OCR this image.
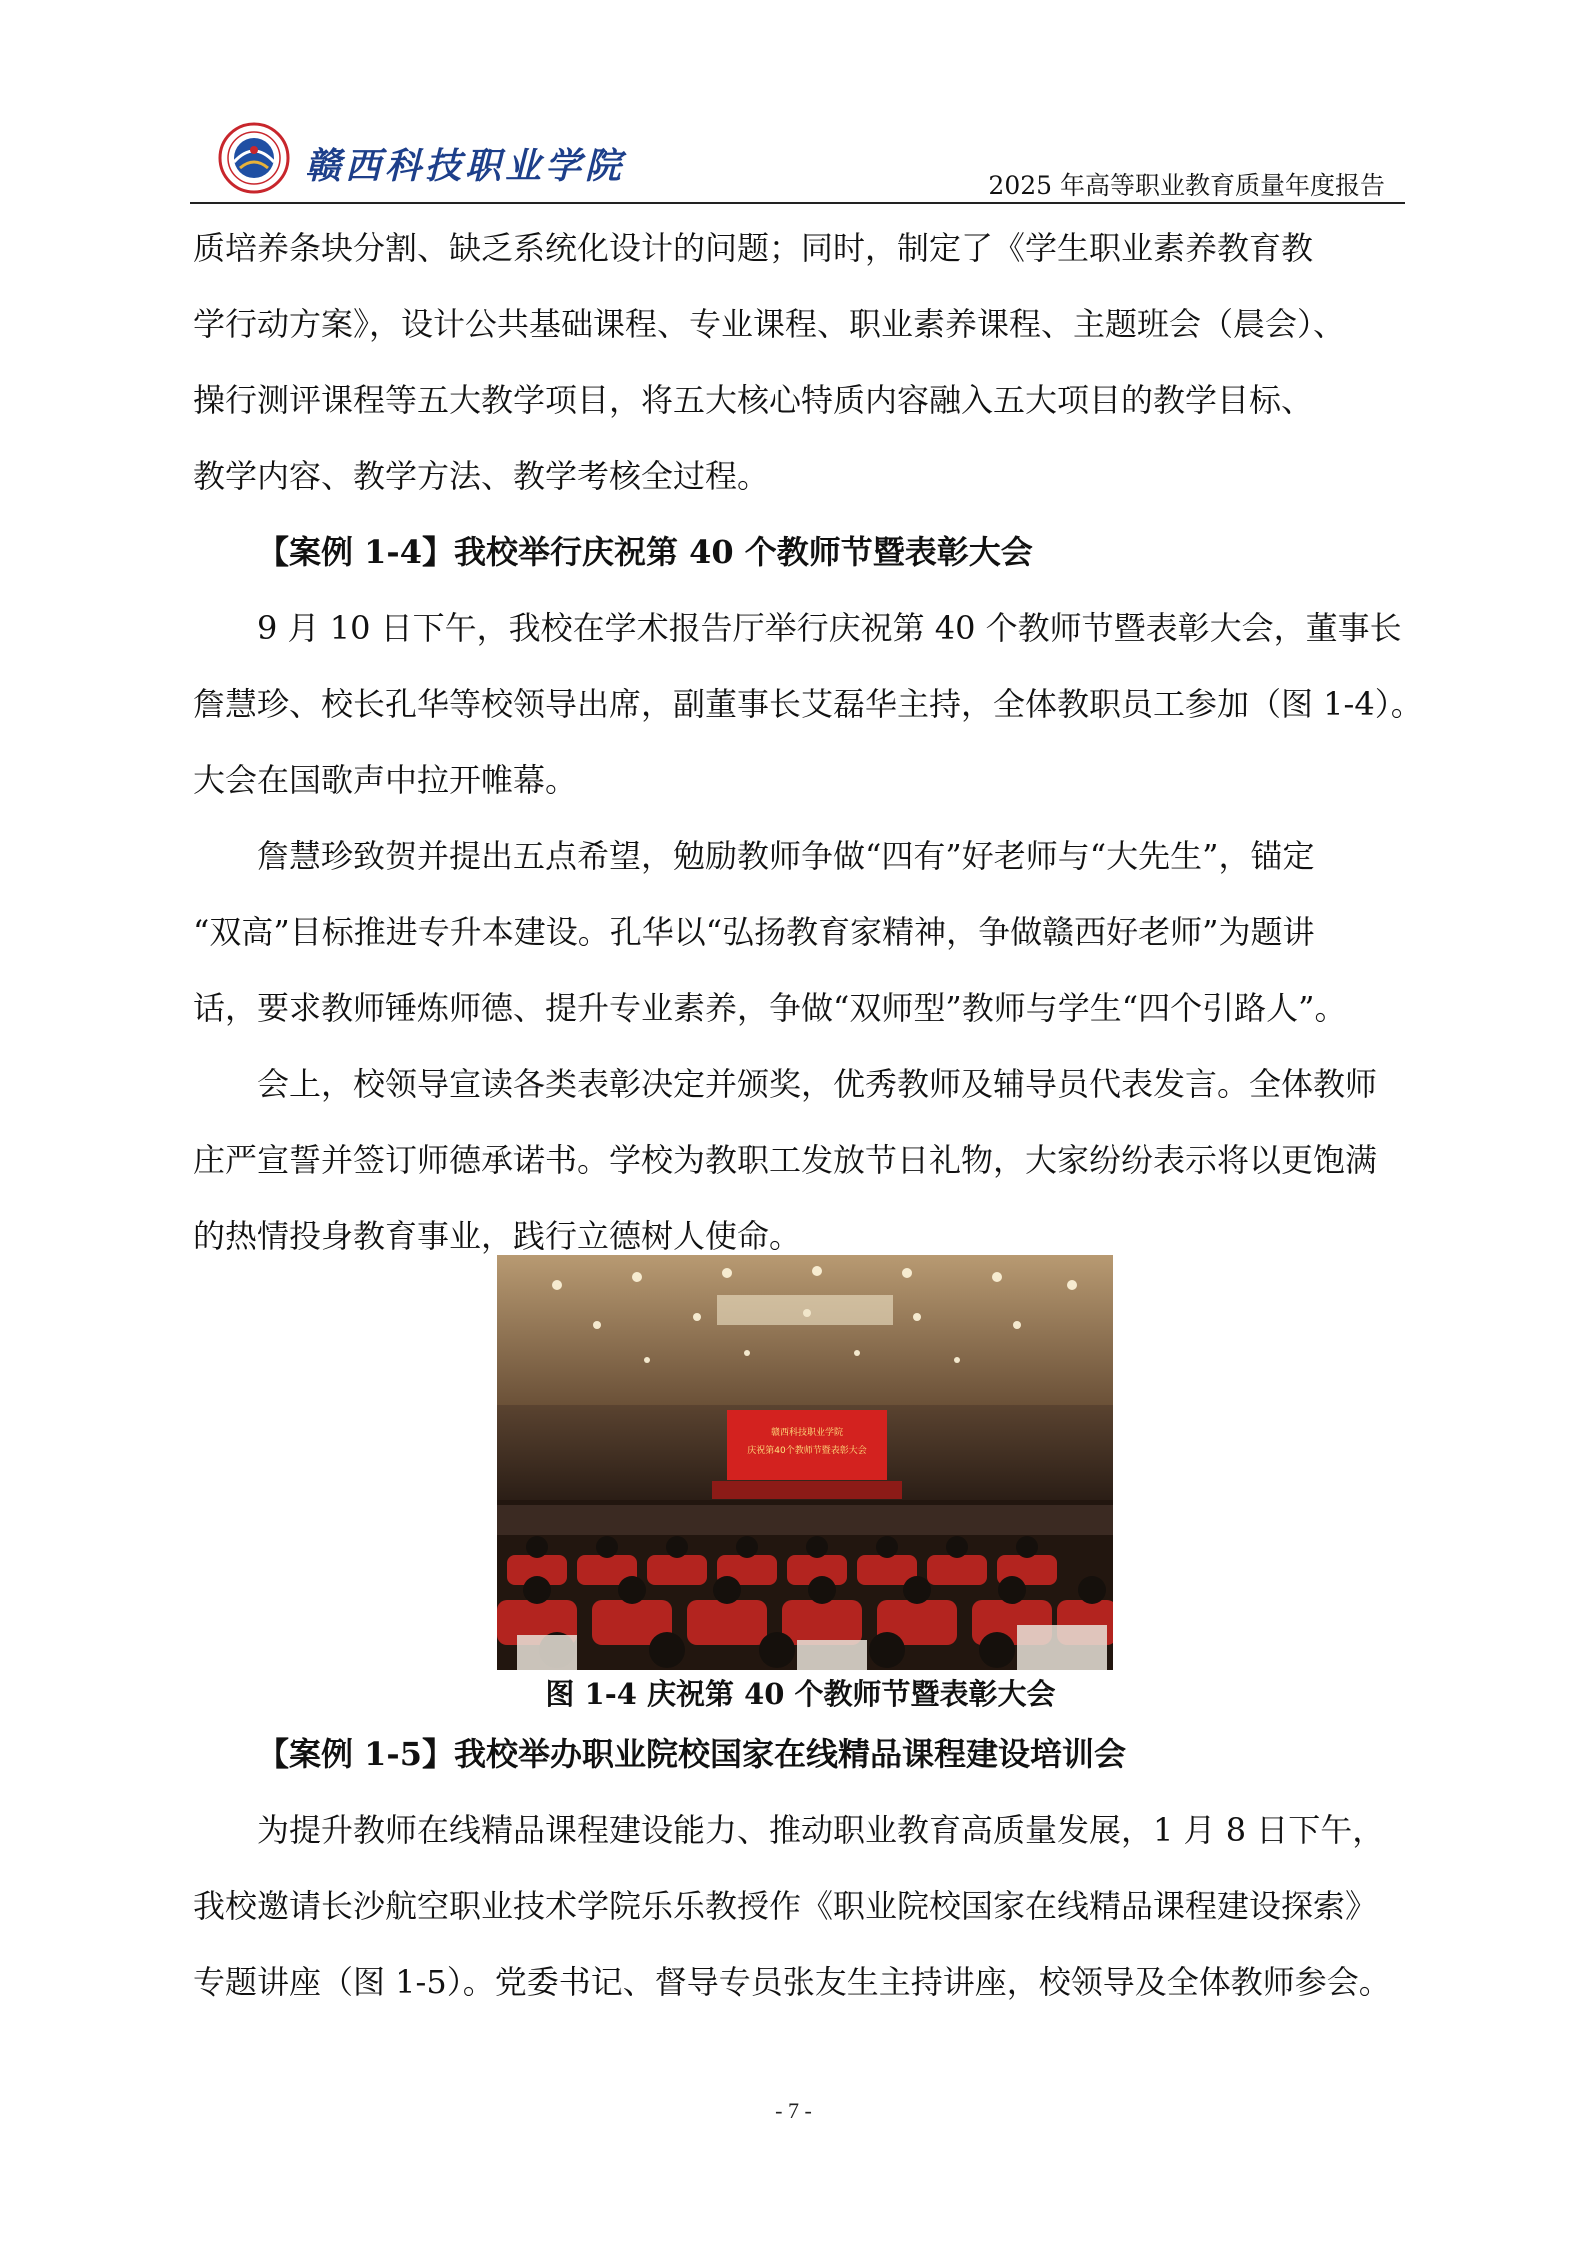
赣西科技职业学院	2025 年高等职业教育质量年度报告

质培养条块分割、缺乏系统化设计的问题；同时，制定了《学生职业素养教育教
学行动方案》，设计公共基础课程、专业课程、职业素养课程、主题班会（晨会）、
操行测评课程等五大教学项目，将五大核心特质内容融入五大项目的教学目标、
教学内容、教学方法、教学考核全过程。

【案例 1-4】我校举行庆祝第 40 个教师节暨表彰大会

9 月 10 日下午，我校在学术报告厅举行庆祝第 40 个教师节暨表彰大会，董事长
詹慧珍、校长孔华等校领导出席，副董事长艾磊华主持，全体教职员工参加（图 1-4）。
大会在国歌声中拉开帷幕。

詹慧珍致贺并提出五点希望，勉励教师争做“四有”好老师与“大先生”，锚定
“双高”目标推进专升本建设。孔华以“弘扬教育家精神，争做赣西好老师”为题讲
话，要求教师锤炼师德、提升专业素养，争做“双师型”教师与学生“四个引路人”。

会上，校领导宣读各类表彰决定并颁奖，优秀教师及辅导员代表发言。全体教师
庄严宣誓并签订师德承诺书。学校为教职工发放节日礼物，大家纷纷表示将以更饱满
的热情投身教育事业，践行立德树人使命。

赣西科技职业学院
庆祝第40个教师节暨表彰大会
图 1-4 庆祝第 40 个教师节暨表彰大会

【案例 1-5】我校举办职业院校国家在线精品课程建设培训会

为提升教师在线精品课程建设能力、推动职业教育高质量发展，1 月 8 日下午，
我校邀请长沙航空职业技术学院乐乐教授作《职业院校国家在线精品课程建设探索》
专题讲座（图 1-5）。党委书记、督导专员张友生主持讲座，校领导及全体教师参会。

- 7 -
